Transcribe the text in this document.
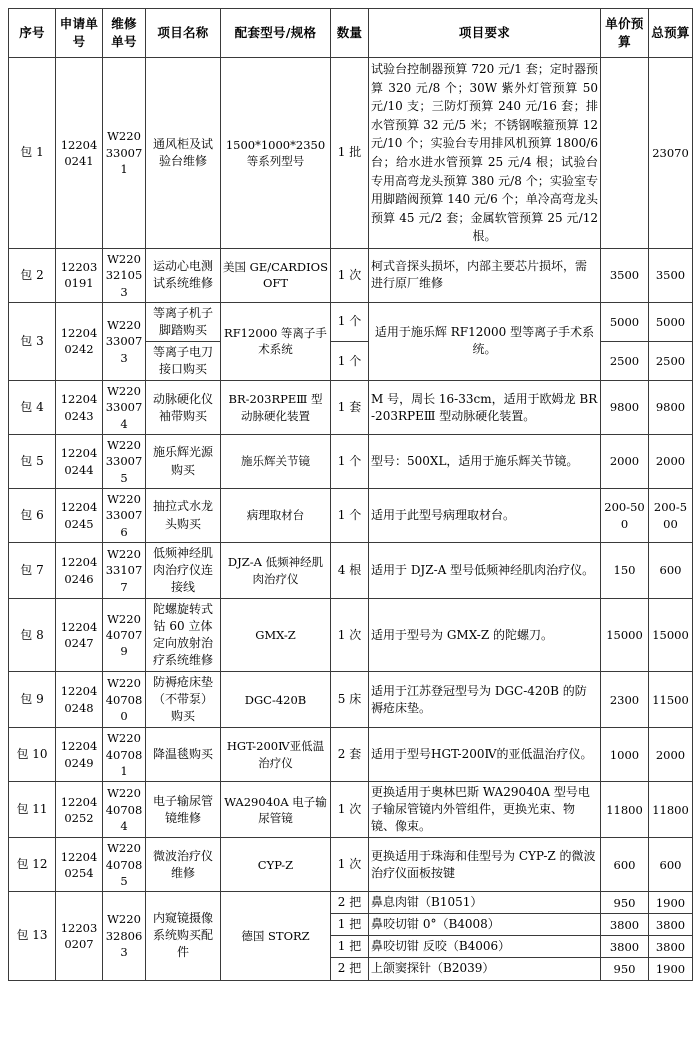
序号	申请单号	维修单号	项目名称	配套型号/规格	数量	项目要求	单价预算	总预算
包 1	122040241	W220330071	通风柜及试验台维修	1500*1000*2350等系列型号	1 批	试验台控制器预算 720 元/1 套；定时器预算 320 元/8 个；30W 紫外灯管预算 50 元/10 支；三防灯预算 240 元/16 套；排水管预算 32 元/5 米；不锈钢喉箍预算 12 元/10 个；实验台专用排风机预算 1800/6 台；给水进水管预算 25 元/4 根；试验台专用高弯龙头预算 380 元/8 个；实验室专用脚踏阀预算 140 元/6 个；单冷高弯龙头预算 45 元/2 套；金属软管预算 25 元/12 根。		23070
包 2	122030191	W220321053	运动心电测试系统维修	美国 GE/CARDIOSOFT	1 次	柯式音探头损坏，内部主要芯片损坏，需进行原厂维修	3500	3500
包 3	122040242	W220330073	等离子机子脚踏购买	RF12000 等离子手术系统	1 个	适用于施乐辉 RF12000 型等离子手术系统。	5000	5000
			等离子电刀接口购买		1 个		2500	2500
包 4	122040243	W220330074	动脉硬化仪袖带购买	BR-203RPEⅢ 型动脉硬化装置	1 套	M 号，周长 16-33cm，适用于欧姆龙 BR-203RPEⅢ 型动脉硬化装置。	9800	9800
包 5	122040244	W220330075	施乐辉光源购买	施乐辉关节镜	1 个	型号：500XL，适用于施乐辉关节镜。	2000	2000
包 6	122040245	W220330076	抽拉式水龙头购买	病理取材台	1 个	适用于此型号病理取材台。	200-500	200-500
包 7	122040246	W220331077	低频神经肌肉治疗仪连接线	DJZ-A 低频神经肌肉治疗仪	4 根	适用于 DJZ-A 型号低频神经肌肉治疗仪。	150	600
包 8	122040247	W220407079	陀螺旋转式钴 60 立体定向放射治疗系统维修	GMX-Z	1 次	适用于型号为 GMX-Z 的陀螺刀。	15000	15000
包 9	122040248	W220407080	防褥疮床垫（不带泵）购买	DGC-420B	5 床	适用于江苏登冠型号为 DGC-420B 的防褥疮床垫。	2300	11500
包 10	122040249	W220407081	降温毯购买	HGT-200Ⅳ亚低温治疗仪	2 套	适用于型号HGT-200Ⅳ的亚低温治疗仪。	1000	2000
包 11	122040252	W220407084	电子输尿管镜维修	WA29040A 电子输尿管镜	1 次	更换适用于奥林巴斯 WA29040A 型号电子输尿管镜内外管组件，更换光束、物镜、像束。	11800	11800
包 12	122040254	W220407085	微波治疗仪维修	CYP-Z	1 次	更换适用于珠海和佳型号为 CYP-Z 的微波治疗仪面板按键	600	600
包 13	122030207	W220328063	内窥镜摄像系统购买配件	德国 STORZ	2 把	鼻息肉钳（B1051）	950	1900
					1 把	鼻咬切钳 0°（B4008）	3800	3800
					1 把	鼻咬切钳 反咬（B4006）	3800	3800
					2 把	上颌窦探针（B2039）	950	1900
